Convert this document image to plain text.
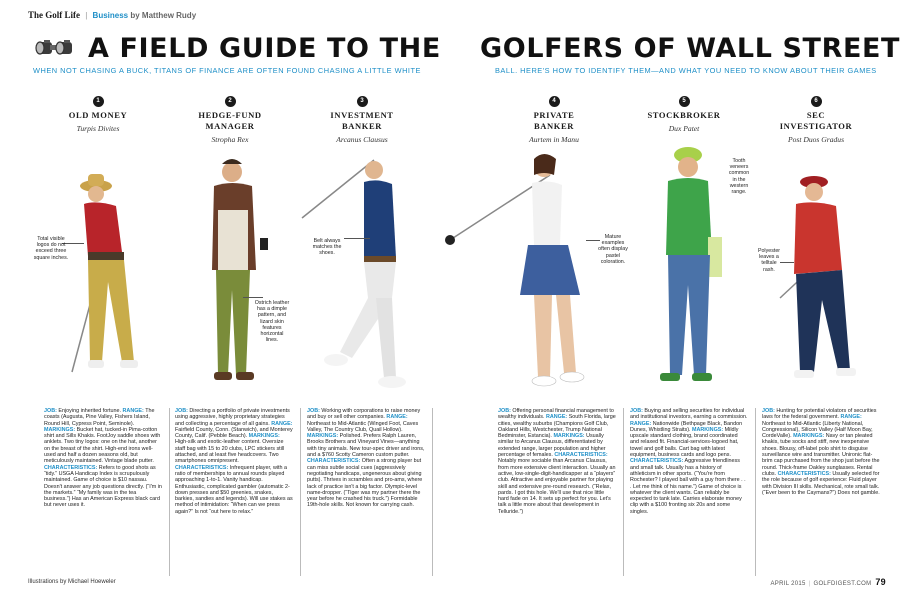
The Golf Life | Business by Matthew Rudy
A FIELD GUIDE TO THE GOLFERS OF WALL STREET
WHEN NOT CHASING A BUCK, TITANS OF FINANCE ARE OFTEN FOUND CHASING A LITTLE WHITE	BALL. HERE'S HOW TO IDENTIFY THEM—AND WHAT YOU NEED TO KNOW ABOUT THEIR GAMES
1
OLD MONEY
Turpis Divites
2
HEDGE-FUND MANAGER
Stropha Rex
3
INVESTMENT BANKER
Arcanus Clausus
4
PRIVATE BANKER
Aurtem in Manu
5
STOCKBROKER
Dux Patet
6
SEC INVESTIGATOR
Post Duos Gradus
Total visible logos do not exceed three square inches.
Ostrich leather has a dimple pattern, and lizard skin features horizontal lines.
Belt always matches the shoes.
Mature examples often display pastel coloration.
Tooth veneers common in the western range.
Polyester leaves a telltale rash.
JOB: Enjoying inherited fortune. RANGE: The coasts (Augusta, Pine Valley, Fishers Island, Round Hill, Cypress Point, Seminole). MARKINGS: Bucket hat, tucked-in Pima-cotton shirt and Sills Khakis. FootJoy saddle shoes with anklets. Two tiny logos: one on the hat, another on the breast of the shirt. High-end irons well-used and half a dozen seasons old, but meticulously maintained. Vintage blade putter. CHARACTERISTICS: Refers to good shots as “tidy.” USGA Handicap Index is scrupulously maintained. Game of choice is $10 nassau. Doesn't answer any job questions directly. (“I'm in the markets.” “My family was in the tea business.”) Has an American Express black card but never uses it.
JOB: Directing a portfolio of private investments using aggressive, highly proprietary strategies and collecting a percentage of all gains. RANGE: Fairfield County, Conn. (Stanwich), and Monterey County, Calif. (Pebble Beach). MARKINGS: High-silk and exotic-leather content. Oversize staff bag with 15 to 20 clubs, LPC stickers still attached, and at least five headcovers. Two smartphones omnipresent. CHARACTERISTICS: Infrequent player, with a ratio of memberships to annual rounds played approaching 1-to-1. Vanity handicap. Enthusiastic, complicated gambler (automatic 2-down presses and $50 greenies, snakes, barkies, sandies and legends). Will use stakes as method of intimidation: “When can we press again?” Is not “out here to relax.”
JOB: Working with corporations to raise money and buy or sell other companies. RANGE: Northeast to Mid-Atlantic (Winged Foot, Caves Valley, The Country Club, Quail Hollow). MARKINGS: Polished. Prefers Ralph Lauren, Brooks Brothers and Vineyard Vines—anything with tiny animals. New tour-spec driver and irons, and a $760 Scotty Cameron custom putter. CHARACTERISTICS: Often a strong player but can miss subtle social cues (aggressively negotiating handicaps, ungenerous about giving putts). Thrives in scrambles and pro-ams, where lack of practice isn't a big factor. Olympic-level name-dropper. (“Tiger was my partner there the year before he crashed his truck.”) Formidable 19th-hole skills. Not known for carrying cash.
JOB: Offering personal financial management to wealthy individuals. RANGE: South Florida, large cities, wealthy suburbs (Champions Golf Club, Oakland Hills, Westchester, Trump National Bedminster, Estancia). MARKINGS: Usually similar to Arcanus Clausus, differentiated by extended range, larger population and higher percentage of females. CHARACTERISTICS: Notably more sociable than Arcanus Clausus, from more extensive client interaction. Usually an active, low-single-digit-handicapper at a “players” club. Attractive and enjoyable partner for playing skill and extensive pre-round research. (“Relax, pards. I got this hole. We'll use that nice little hard fade on 14. It sets up perfect for you. Let's talk a little more about that development in Telluride.”)
JOB: Buying and selling securities for individual and institutional investors, earning a commission. RANGE: Nationwide (Bethpage Black, Bandon Dunes, Whistling Straits). MARKINGS: Mildly upscale standard clothing, brand coordinated and relaxed fit. Financial-services-logoed hat, towel and golf balls. Cart bag with latest equipment, business cards and logo pens. CHARACTERISTICS: Aggressive friendliness and small talk. Usually has a history of athleticism in other sports. (“You're from Rochester? I played ball with a guy from there . . . Let me think of his name.”) Game of choice is whatever the client wants. Can reliably be expected to tank late. Carries elaborate money clip with a $100 fronting six 20s and some singles.
JOB: Hunting for potential violators of securities laws for the federal government. RANGE: Northeast to Mid-Atlantic (Liberty National, Congressional), Silicon Valley (Half Moon Bay, CordeValle). MARKINGS: Navy or tan pleated khakis, tube socks and stiff, new inexpensive shoes. Blousy, off-label polo shirt to disguise surveillance wire and transmitter. Unironic flat-brim cap purchased from the shop just before the round. Thick-frame Oakley sunglasses. Rental clubs. CHARACTERISTICS: Usually selected for the role because of golf experience: Fluid player with Division III skills. Mechanical, rote small talk. (“Ever been to the Caymans?”) Does not gamble.
Illustrations by Michael Hoeweler	APRIL 2015 | GOLFDIGEST.COM 79
